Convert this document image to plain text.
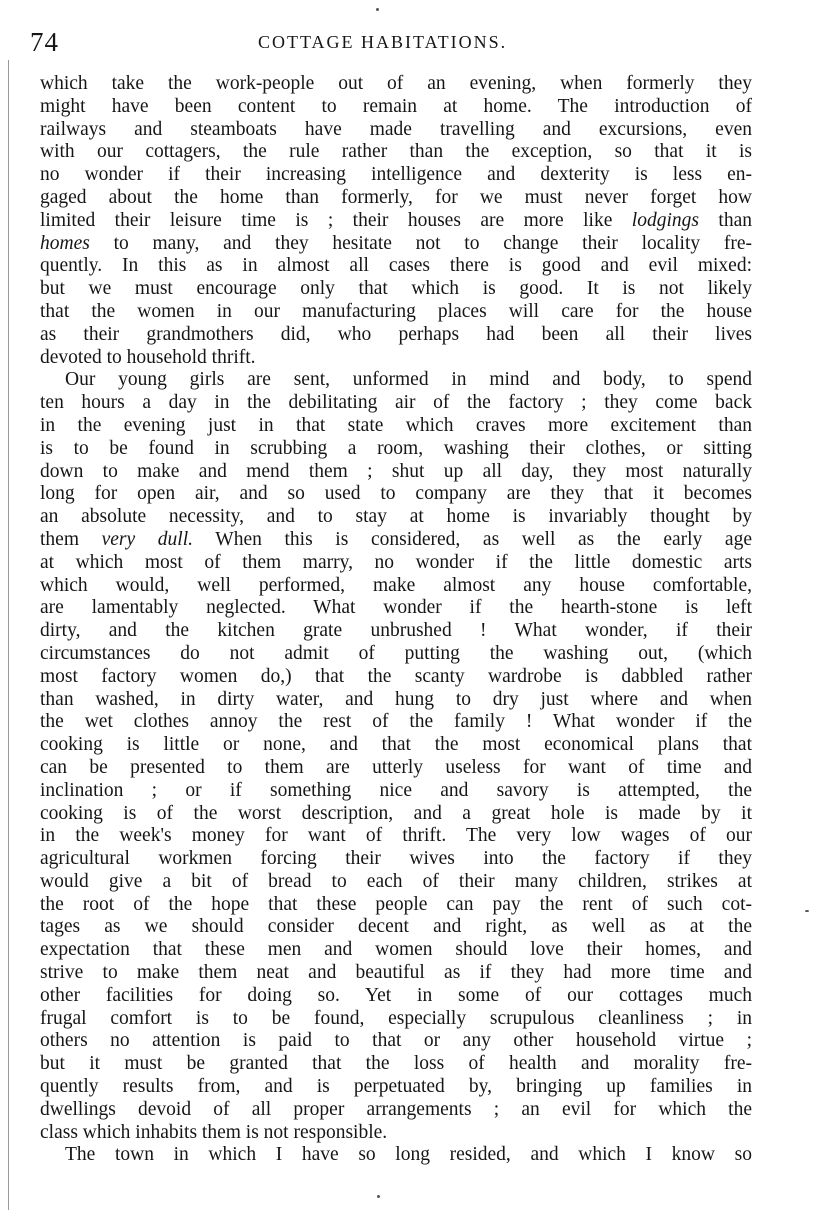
74	COTTAGE HABITATIONS.

which take the work-people out of an evening, when formerly they
might have been content to remain at home. The introduction of
railways and steamboats have made travelling and excursions, even
with our cottagers, the rule rather than the exception, so that it is
no wonder if their increasing intelligence and dexterity is less en-
gaged about the home than formerly, for we must never forget how
limited their leisure time is ; their houses are more like lodgings than
homes to many, and they hesitate not to change their locality fre-
quently. In this as in almost all cases there is good and evil mixed:
but we must encourage only that which is good. It is not likely
that the women in our manufacturing places will care for the house
as their grandmothers did, who perhaps had been all their lives
devoted to household thrift.

Our young girls are sent, unformed in mind and body, to spend
ten hours a day in the debilitating air of the factory ; they come back
in the evening just in that state which craves more excitement than
is to be found in scrubbing a room, washing their clothes, or sitting
down to make and mend them ; shut up all day, they most naturally
long for open air, and so used to company are they that it becomes
an absolute necessity, and to stay at home is invariably thought by
them very dull. When this is considered, as well as the early age
at which most of them marry, no wonder if the little domestic arts
which would, well performed, make almost any house comfortable,
are lamentably neglected. What wonder if the hearth-stone is left
dirty, and the kitchen grate unbrushed ! What wonder, if their
circumstances do not admit of putting the washing out, (which
most factory women do,) that the scanty wardrobe is dabbled rather
than washed, in dirty water, and hung to dry just where and when
the wet clothes annoy the rest of the family ! What wonder if the
cooking is little or none, and that the most economical plans that
can be presented to them are utterly useless for want of time and
inclination ; or if something nice and savory is attempted, the
cooking is of the worst description, and a great hole is made by it
in the week's money for want of thrift. The very low wages of our
agricultural workmen forcing their wives into the factory if they
would give a bit of bread to each of their many children, strikes at
the root of the hope that these people can pay the rent of such cot-
tages as we should consider decent and right, as well as at the
expectation that these men and women should love their homes, and
strive to make them neat and beautiful as if they had more time and
other facilities for doing so. Yet in some of our cottages much
frugal comfort is to be found, especially scrupulous cleanliness ; in
others no attention is paid to that or any other household virtue ;
but it must be granted that the loss of health and morality fre-
quently results from, and is perpetuated by, bringing up families in
dwellings devoid of all proper arrangements ; an evil for which the
class which inhabits them is not responsible.

The town in which I have so long resided, and which I know so
